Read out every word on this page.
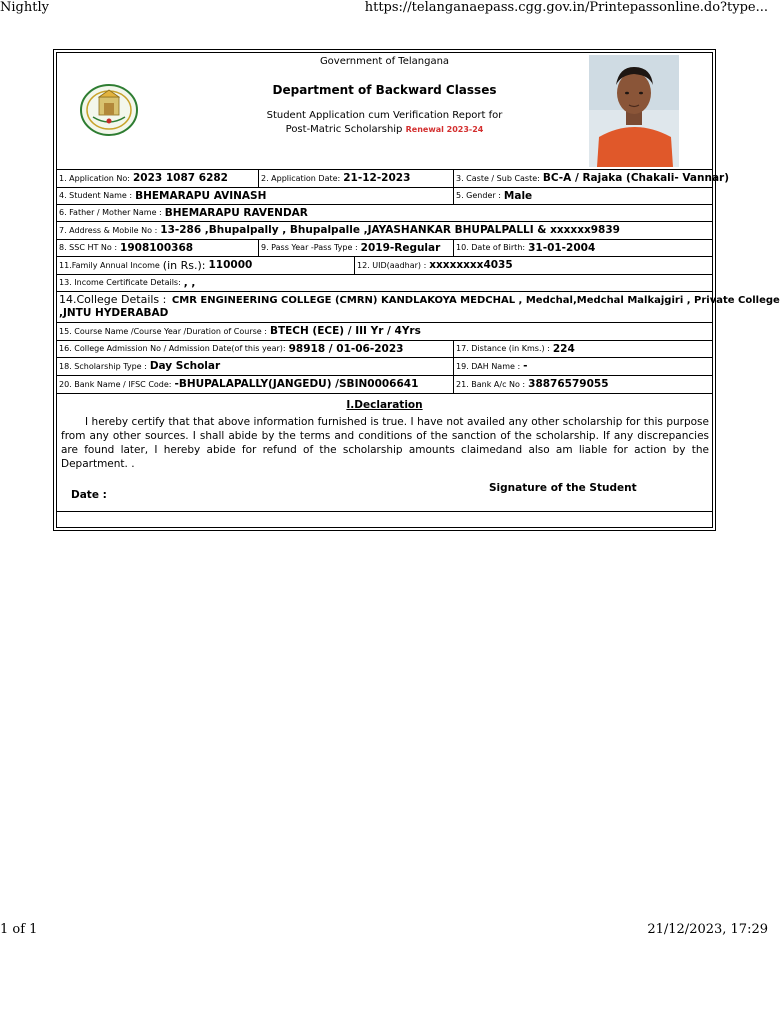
Nightly	https://telanganaepass.cgg.gov.in/Printepassonline.do?type...
Government of Telangana
Department of Backward Classes
Student Application cum Verification Report for
Post-Matric Scholarship Renewal 2023-24
1. Application No: 2023 1087 6282	2. Application Date: 21-12-2023	3. Caste / Sub Caste: BC-A / Rajaka (Chakali- Vannar)
4. Student Name : BHEMARAPU AVINASH	5. Gender : Male
6. Father / Mother Name : BHEMARAPU RAVENDAR
7. Address & Mobile No : 13-286 ,Bhupalpally , Bhupalpalle ,JAYASHANKAR BHUPALPALLI & xxxxxx9839
8. SSC HT No : 1908100368	9. Pass Year -Pass Type : 2019-Regular 10. Date of Birth: 31-01-2004
11.Family Annual Income (in Rs.): 110000	12. UID(aadhar) : xxxxxxxx4035
13. Income Certificate Details: , ,
14.College Details : CMR ENGINEERING COLLEGE (CMRN) KANDLAKOYA MEDCHAL , Medchal,Medchal Malkajgiri , Private College
,JNTU HYDERABAD
15. Course Name /Course Year /Duration of Course : BTECH (ECE) / III Yr / 4Yrs
16. College Admission No / Admission Date(of this year): 98918 / 01-06-2023	17. Distance (in Kms.) : 224
18. Scholarship Type : Day Scholar	19. DAH Name : -
20. Bank Name / IFSC Code: -BHUPALAPALLY(JANGEDU) /SBIN0006641	21. Bank A/c No : 38876579055
I.Declaration
I hereby certify that that above information furnished is true. I have not availed any other scholarship for this purpose from any other sources. I shall abide by the terms and conditions of the sanction of the scholarship. If any discrepancies are found later, I hereby abide for refund of the scholarship amounts claimedand also am liable for action by the Department. .
Date :
Signature of the Student
1 of 1	21/12/2023, 17:29
